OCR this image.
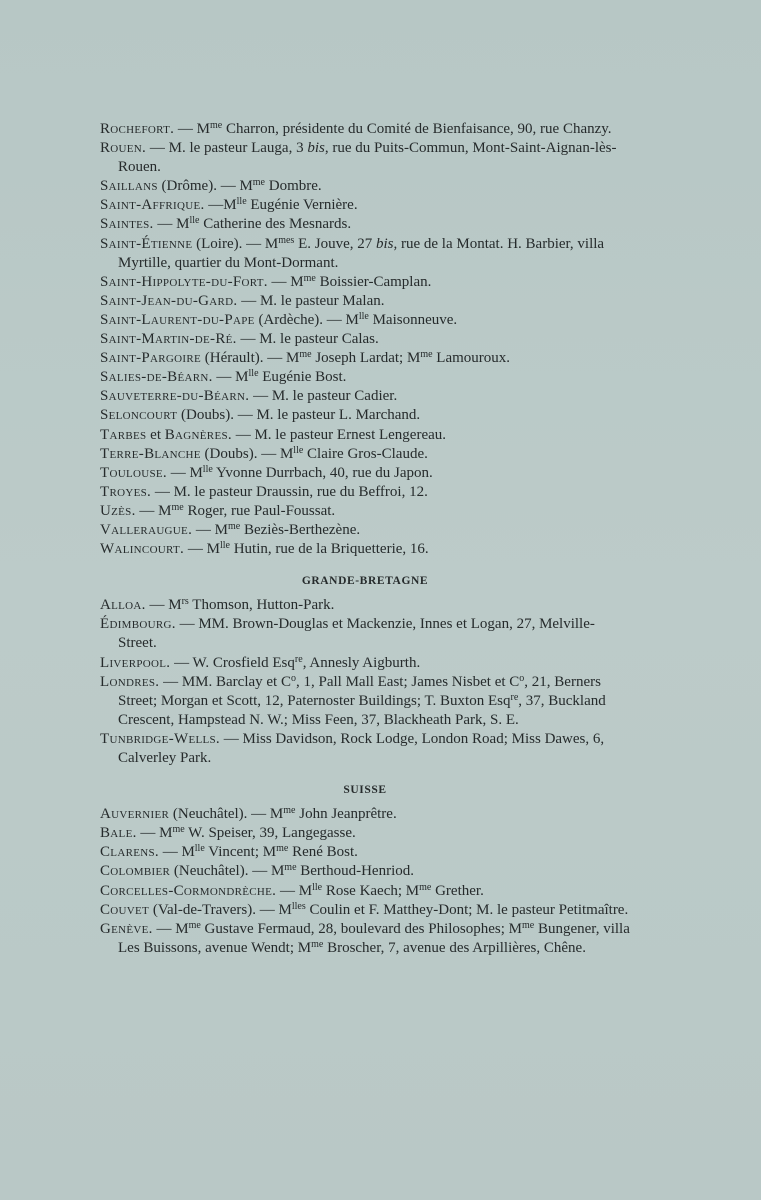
Rochefort. — $M^{me}$ Charron, présidente du Comité de Bienfaisance, 90, rue Chanzy.

Rouen. — M. le pasteur Lauga, 3 bis, rue du Puits-Commun, Mont-Saint-Aignan-lès-Rouen.

Saillans (Drôme). — $M^{me}$ Dombre.

Saint-Affrique. $—M^{lle}$ Eugénie Vernière.

Saintes. — $M^{lle}$ Catherine des Mesnards.

Saint-Étienne (Loire). — $M^{mes}$ E. Jouve, 27 bis, rue de la Montat. H. Barbier, villa Myrtille, quartier du Mont-Dormant.

Saint-Hippolyte-du-Fort. — $M^{me}$ Boissier-Camplan.

Saint-Jean-du-Gard. — M. le pasteur Malan.

Saint-Laurent-du-Pape (Ardèche). — $M^{lle}$ Maisonneuve.

Saint-Martin-de-Ré. — M. le pasteur Calas.

Saint-Pargoire (Hérault). — $M^{me}$ Joseph Lardat; $M^{me}$ Lamouroux.

Salies-de-Béarn. — $M^{lle}$ Eugénie Bost.

Sauveterre-du-Béarn. — M. le pasteur Cadier.

Seloncourt (Doubs). — M. le pasteur L. Marchand.

Tarbes et Bagnères. — M. le pasteur Ernest Lengereau.

Terre-Blanche (Doubs). — $M^{lle}$ Claire Gros-Claude.

Toulouse. — $M^{lle}$ Yvonne Durrbach, 40, rue du Japon.

Troyes. — M. le pasteur Draussin, rue du Beffroi, 12.

Uzès. — $M^{me}$ Roger, rue Paul-Foussat.

Valleraugue. — $M^{me}$ Beziès-Berthezène.

Walincourt. — $M^{lle}$ Hutin, rue de la Briquetterie, 16.

GRANDE-BRETAGNE

Alloa. — $M^{rs}$ Thomson, Hutton-Park.

Édimbourg. — MM. Brown-Douglas et Mackenzie, Innes et Logan, 27, Melville-Street.

Liverpool. — W. Crosfield Esq$^{re}$, Annesly Aigburth.

Londres. — MM. Barclay et $C^o$, 1, Pall Mall East; James Nisbet et $C^o$, 21, Berners Street; Morgan et Scott, 12, Paternoster Buildings; T. Buxton Esq$^{re}$, 37, Buckland Crescent, Hampstead N. W.; Miss Feen, 37, Blackheath Park, S. E.

Tunbridge-Wells. — Miss Davidson, Rock Lodge, London Road; Miss Dawes, 6, Calverley Park.

SUISSE

Auvernier (Neuchâtel). — $M^{me}$ John Jeanprêtre.

Bale. — $M^{me}$ W. Speiser, 39, Langegasse.

Clarens. — $M^{lle}$ Vincent; $M^{me}$ René Bost.

Colombier (Neuchâtel). — $M^{me}$ Berthoud-Henriod.

Corcelles-Cormondrèche. — $M^{lle}$ Rose Kaech; $M^{me}$ Grether.

Couvet (Val-de-Travers). — $M^{lles}$ Coulin et F. Matthey-Dont; M. le pasteur Petitmaître.

Genève. — $M^{me}$ Gustave Fermaud, 28, boulevard des Philosophes; $M^{me}$ Bungener, villa Les Buissons, avenue Wendt; $M^{me}$ Broscher, 7, avenue des Arpillières, Chêne.
